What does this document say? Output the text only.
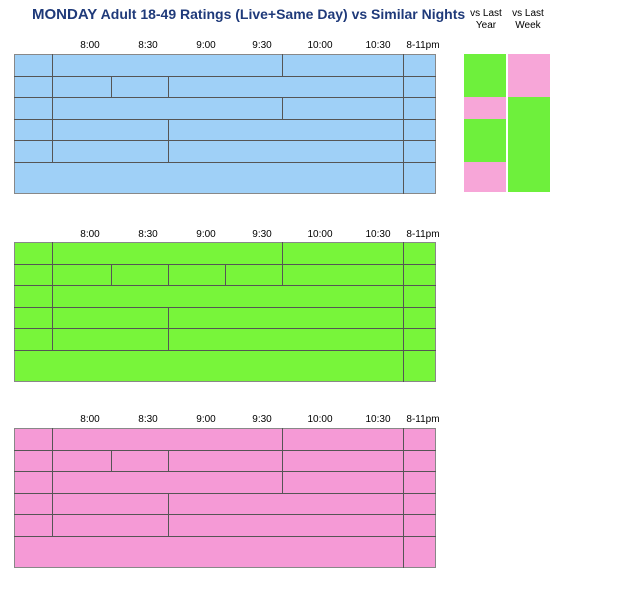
MONDAY Adult 18-49 Ratings (Live+Same Day) vs Similar Nights vs Last
Year
vs Last
Week
8:00	8:30	9:00	9:30	10:00	10:30	8-11pm
8:00	8:30	9:00	9:30	10:00	10:30	8-11pm
8:00	8:30	9:00	9:30	10:00	10:30	8-11pm
